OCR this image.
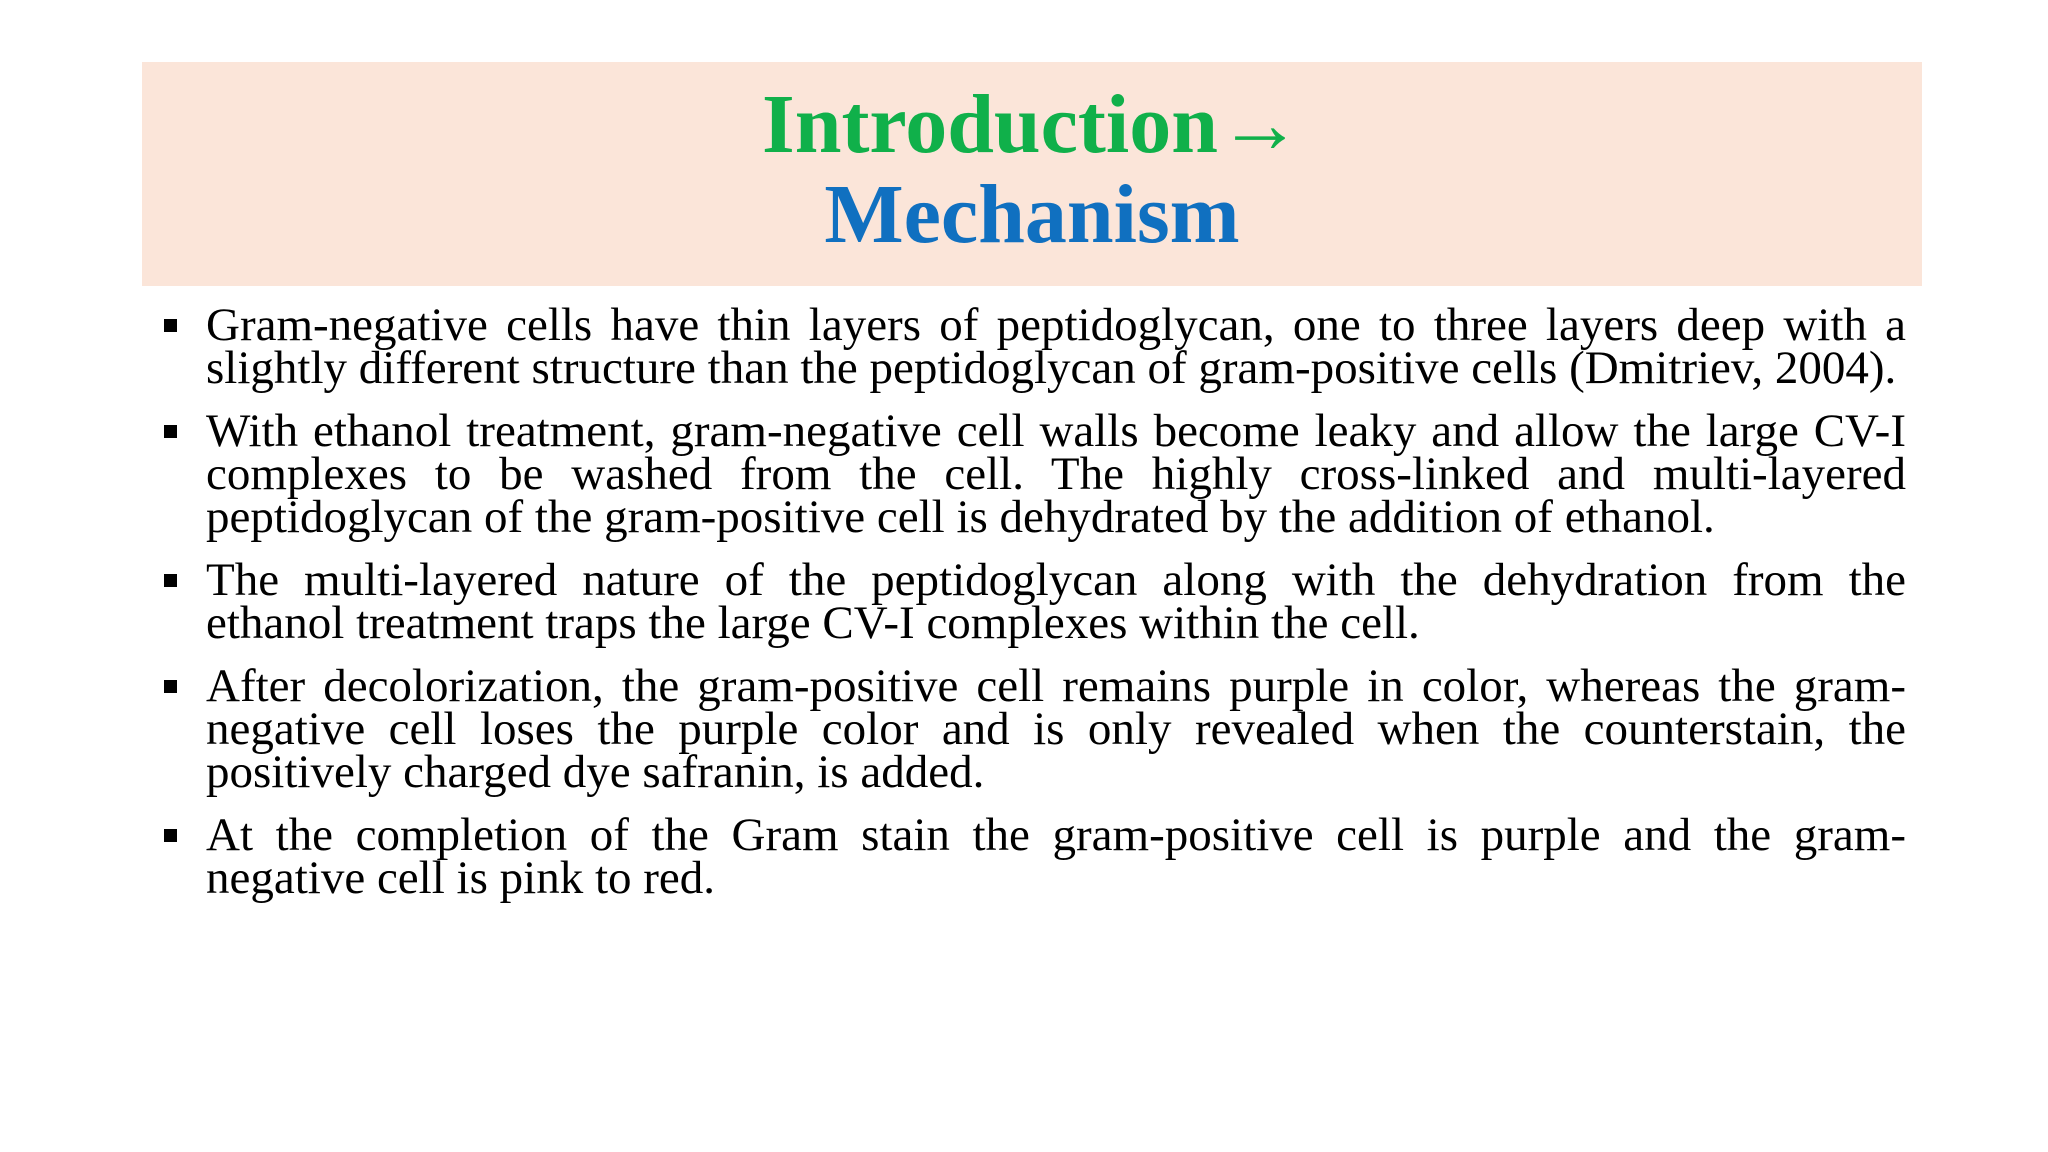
Introduction→
Mechanism
Gram-negative cells have thin layers of peptidoglycan, one to three layers deep with a slightly different structure than the peptidoglycan of gram-positive cells (Dmitriev, 2004).
With ethanol treatment, gram-negative cell walls become leaky and allow the large CV-I complexes to be washed from the cell. The highly cross-linked and multi-layered peptidoglycan of the gram-positive cell is dehydrated by the addition of ethanol.
The multi-layered nature of the peptidoglycan along with the dehydration from the ethanol treatment traps the large CV-I complexes within the cell.
After decolorization, the gram-positive cell remains purple in color, whereas the gram-negative cell loses the purple color and is only revealed when the counterstain, the positively charged dye safranin, is added.
At the completion of the Gram stain the gram-positive cell is purple and the gram-negative cell is pink to red.
